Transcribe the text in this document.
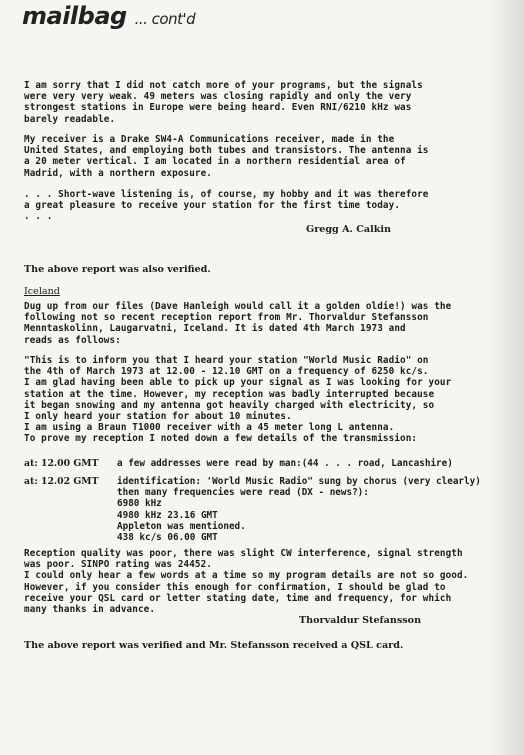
mailbag ... cont'd
I am sorry that I did not catch more of your programs, but the signals
were very very weak. 49 meters was closing rapidly and only the very
strongest stations in Europe were being heard. Even RNI/6210 kHz was
barely readable.
My receiver is a Drake SW4-A Communications receiver, made in the
United States, and employing both tubes and transistors. The antenna is
a 20 meter vertical. I am located in a northern residential area of
Madrid, with a northern exposure.
. . . Short-wave listening is, of course, my hobby and it was therefore
a great pleasure to receive your station for the first time today.
. . .
Gregg A. Calkin
The above report was also verified.
Iceland
Dug up from our files (Dave Hanleigh would call it a golden oldie!) was the
following not so recent reception report from Mr. Thorvaldur Stefansson
Menntaskolinn, Laugarvatni, Iceland. It is dated 4th March 1973 and
reads as follows:
"This is to inform you that I heard your station "World Music Radio" on
the 4th of March 1973 at 12.00 - 12.10 GMT on a frequency of 6250 kc/s.
I am glad having been able to pick up your signal as I was looking for your
station at the time. However, my reception was badly interrupted because
it began snowing and my antenna got heavily charged with electricity, so
I only heard your station for about 10 minutes.
I am using a Braun T1000 receiver with a 45 meter long L antenna.
To prove my reception I noted down a few details of the transmission:
at: 12.00 GMT a few addresses were read by man:(44 . . . road, Lancashire)
at: 12.02 GMT identification: 'World Music Radio" sung by chorus (very clearly)
then many frequencies were read (DX - news?):
6980 kHz
4980 kHz 23.16 GMT
Appleton was mentioned.
438 kc/s 06.00 GMT
Reception quality was poor, there was slight CW interference, signal strength
was poor. SINPO rating was 24452.
I could only hear a few words at a time so my program details are not so good.
However, if you consider this enough for confirmation, I should be glad to
receive your QSL card or letter stating date, time and frequency, for which
many thanks in advance.
Thorvaldur Stefansson
The above report was verified and Mr. Stefansson received a QSL card.
